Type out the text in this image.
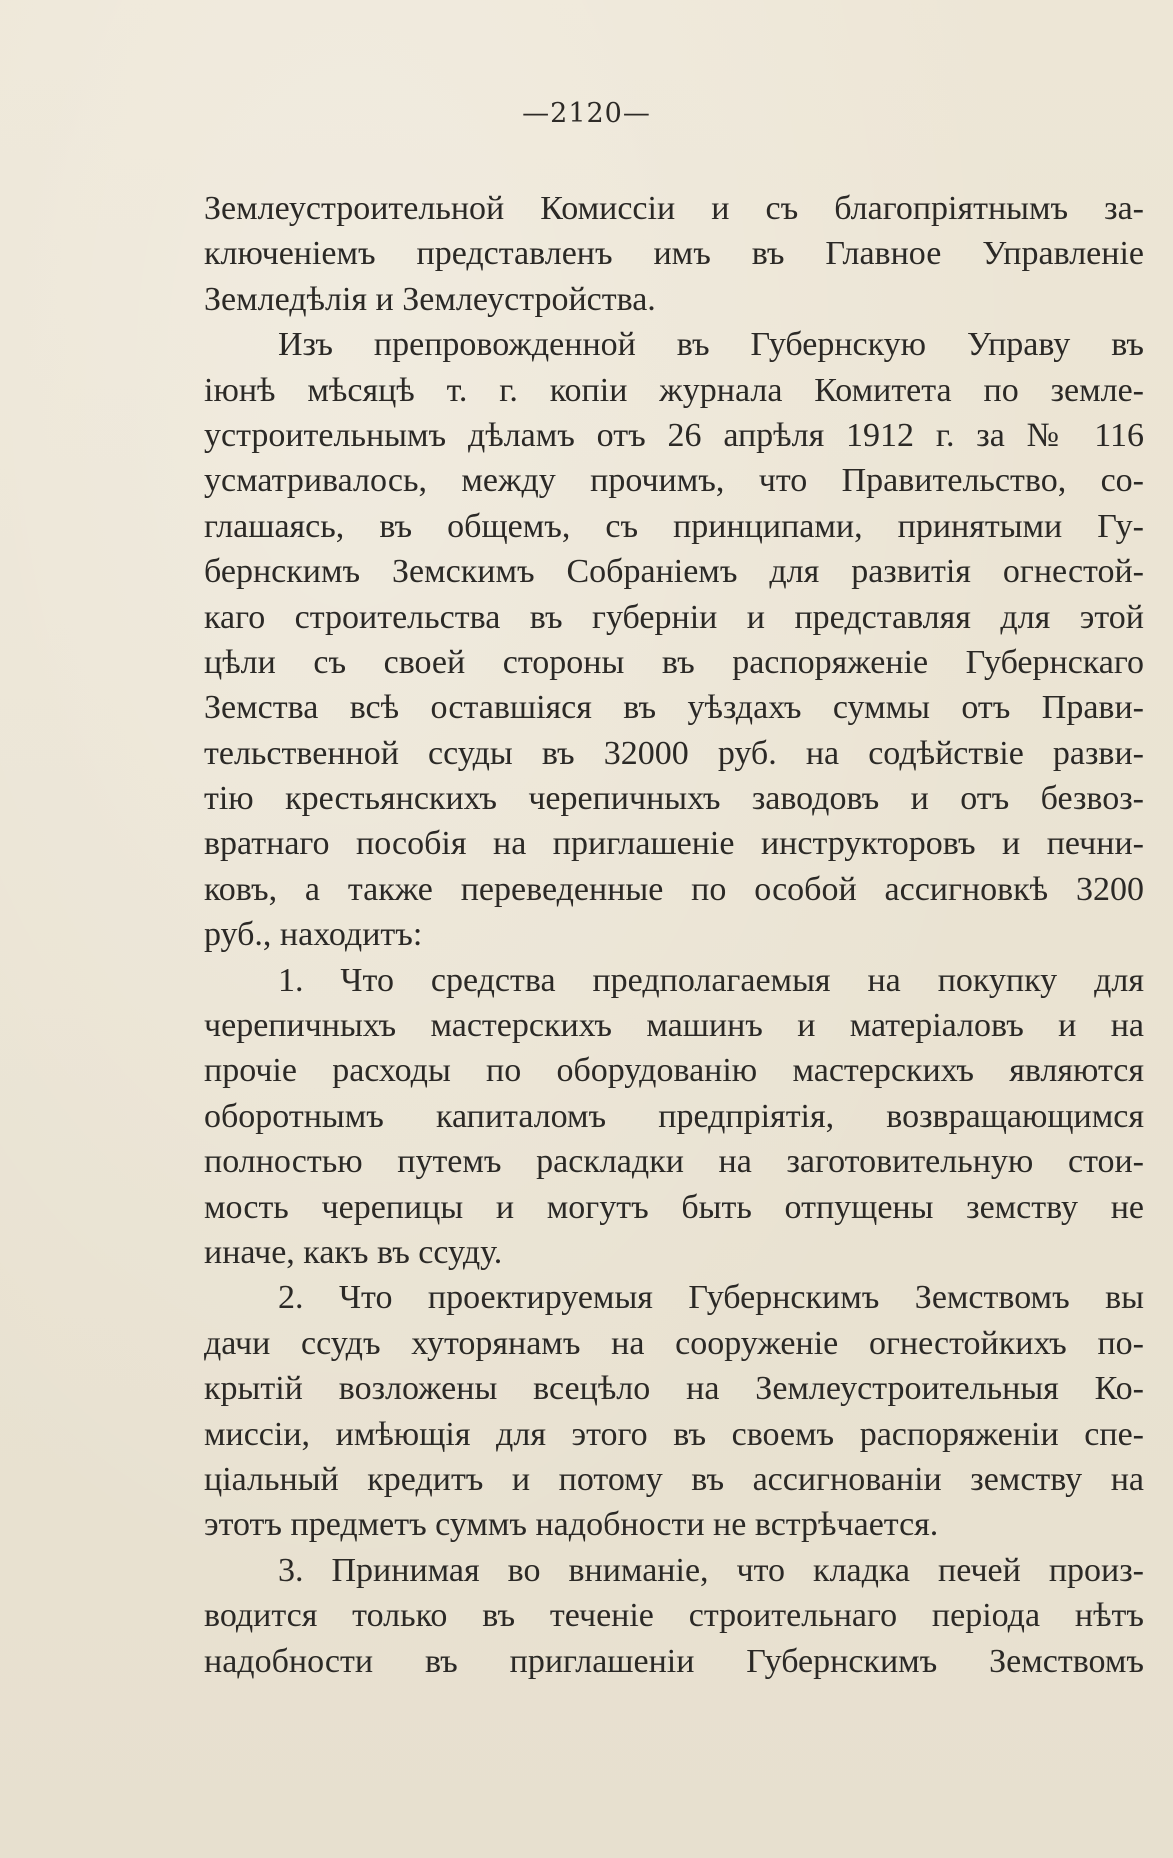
—2120—
Землеустроительной Комиссіи и съ благопріятнымъ за-
ключеніемъ представленъ имъ въ Главное Управленіе
Земледѣлія и Землеустройства.
Изъ препровожденной въ Губернскую Управу въ
іюнѣ мѣсяцѣ т. г. копіи журнала Комитета по земле-
устроительнымъ дѣламъ отъ 26 апрѣля 1912 г. за № 116
усматривалось, между прочимъ, что Правительство, со-
глашаясь, въ общемъ, съ принципами, принятыми Гу-
бернскимъ Земскимъ Собраніемъ для развитія огнестой-
каго строительства въ губерніи и представляя для этой
цѣли съ своей стороны въ распоряженіе Губернскаго
Земства всѣ оставшіяся въ уѣздахъ суммы отъ Прави-
тельственной ссуды въ 32000 руб. на содѣйствіе разви-
тію крестьянскихъ черепичныхъ заводовъ и отъ безвоз-
вратнаго пособія на приглашеніе инструкторовъ и печни-
ковъ, а также переведенные по особой ассигновкѣ 3200
руб., находитъ:
1. Что средства предполагаемыя на покупку для
черепичныхъ мастерскихъ машинъ и матеріаловъ и на
прочіе расходы по оборудованію мастерскихъ являются
оборотнымъ капиталомъ предпріятія, возвращающимся
полностью путемъ раскладки на заготовительную стои-
мость черепицы и могутъ быть отпущены земству не
иначе, какъ въ ссуду.
2. Что проектируемыя Губернскимъ Земствомъ вы
дачи ссудъ хуторянамъ на сооруженіе огнестойкихъ по-
крытій возложены всецѣло на Землеустроительныя Ко-
миссіи, имѣющія для этого въ своемъ распоряженіи спе-
ціальный кредитъ и потому въ ассигнованіи земству на
этотъ предметъ суммъ надобности не встрѣчается.
3. Принимая во вниманіе, что кладка печей произ-
водится только въ теченіе строительнаго періода нѣтъ
надобности въ приглашеніи Губернскимъ Земствомъ
